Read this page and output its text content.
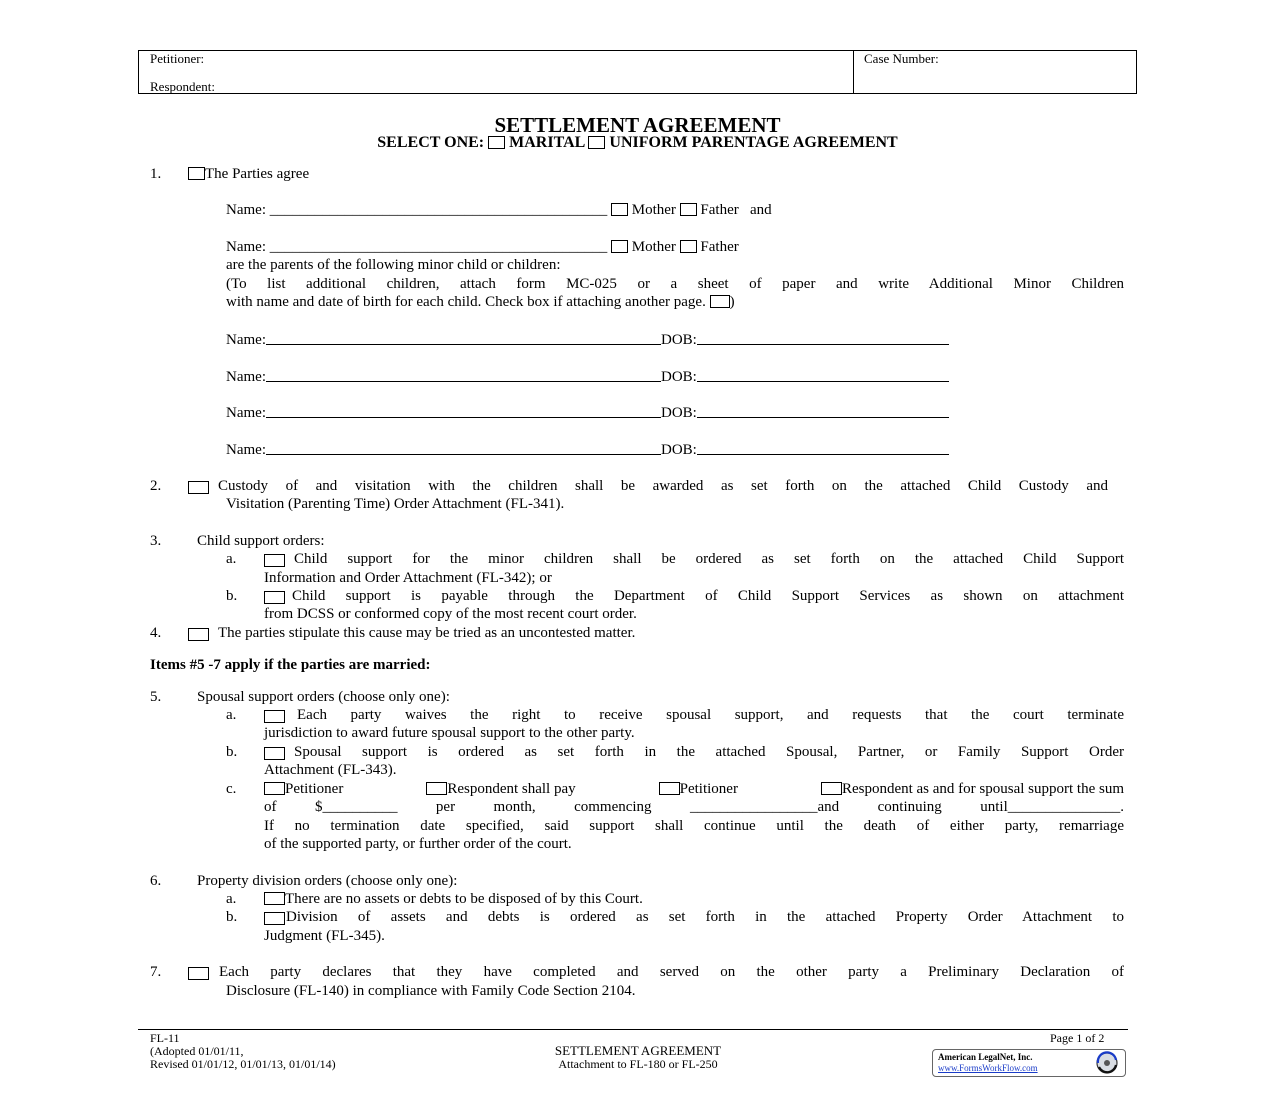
Petitioner:
Respondent:
Case Number:
SETTLEMENT AGREEMENT
SELECT ONE: MARITAL UNIFORM PARENTAGE AGREEMENT
1.	The Parties agree
Name: _____________________________________________ Mother Father and
Name: _____________________________________________ Mother Father
are the parents of the following minor child or children:
(To list additional children, attach form MC-025 or a sheet of paper and write Additional Minor Children
with name and date of birth for each child. Check box if attaching another page. )
Name:	DOB:
Name:	DOB:
Name:	DOB:
Name:	DOB:
2.	Custody of and visitation with the children shall be awarded as set forth on the attached Child Custody and
Visitation (Parenting Time) Order Attachment (FL-341).
3. Child support orders:
a.	Child support for the minor children shall be ordered as set forth on the attached Child Support
Information and Order Attachment (FL-342); or
b.	Child support is payable through the Department of Child Support Services as shown on attachment
from DCSS or conformed copy of the most recent court order.
4.	The parties stipulate this cause may be tried as an uncontested matter.
Items #5 -7 apply if the parties are married:
5. Spousal support orders (choose only one):
a.	Each party waives the right to receive spousal support, and requests that the court terminate
jurisdiction to award future spousal support to the other party.
b.	Spousal support is ordered as set forth in the attached Spousal, Partner, or Family Support Order
Attachment (FL-343).
c.	Petitioner	Respondent shall pay	Petitioner	Respondent as and for spousal support the sum
of $__________ per month, commencing _________________and continuing until_______________.
If no termination date specified, said support shall continue until the death of either party, remarriage
of the supported party, or further order of the court.
6. Property division orders (choose only one):
a.	There are no assets or debts to be disposed of by this Court.
b.	Division of assets and debts is ordered as set forth in the attached Property Order Attachment to
Judgment (FL-345).
7.	Each party declares that they have completed and served on the other party a Preliminary Declaration of
Disclosure (FL-140) in compliance with Family Code Section 2104.
FL-11
(Adopted 01/01/11,
Revised 01/01/12, 01/01/13, 01/01/14)
SETTLEMENT AGREEMENT
Attachment to FL-180 or FL-250
Page 1 of 2
American LegalNet, Inc.
www.FormsWorkFlow.com
